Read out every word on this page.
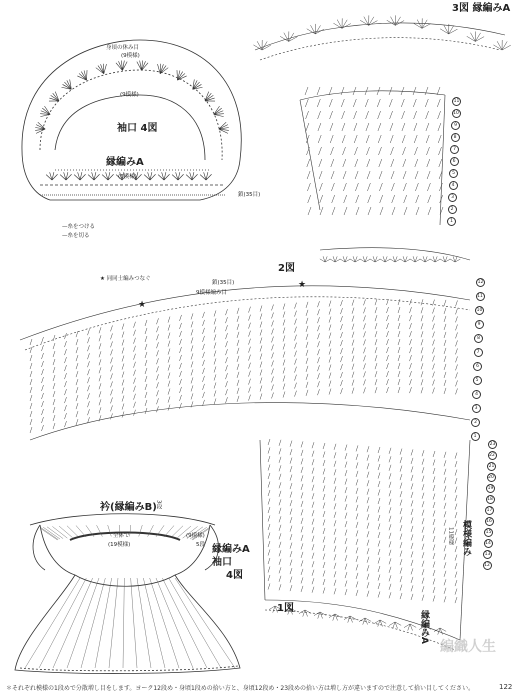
★
★
身頃の休み目
(9模様)
(9模様)
袖口 4図
縁編みA
(6模様)
鎖(35目)
—糸をつける
—糸を切る
3図 縁編みA
2図
★ 同同士編みつなぐ
鎖(35目)
9模様編み目
1図
模様編み
縁編みA
11模様
衿(縁編みB)
3段
全体で
(19模様)
(9模様)
5段 縁編みA
袖口
4図
編織人生
＊それぞれ模様の1段めで分散増し目をします。ヨーク12段め・身頃1段めの拾い方と、身頃12段め・23段めの拾い方は増し方が違いますので注意して拾い目してください。	122
11
10
9
8
7
6
5
4
3
2
1
12
11
10
9
8
7
6
5
4
3
2
1
23
22
21
20
19
18
17
16
15
14
13
12
